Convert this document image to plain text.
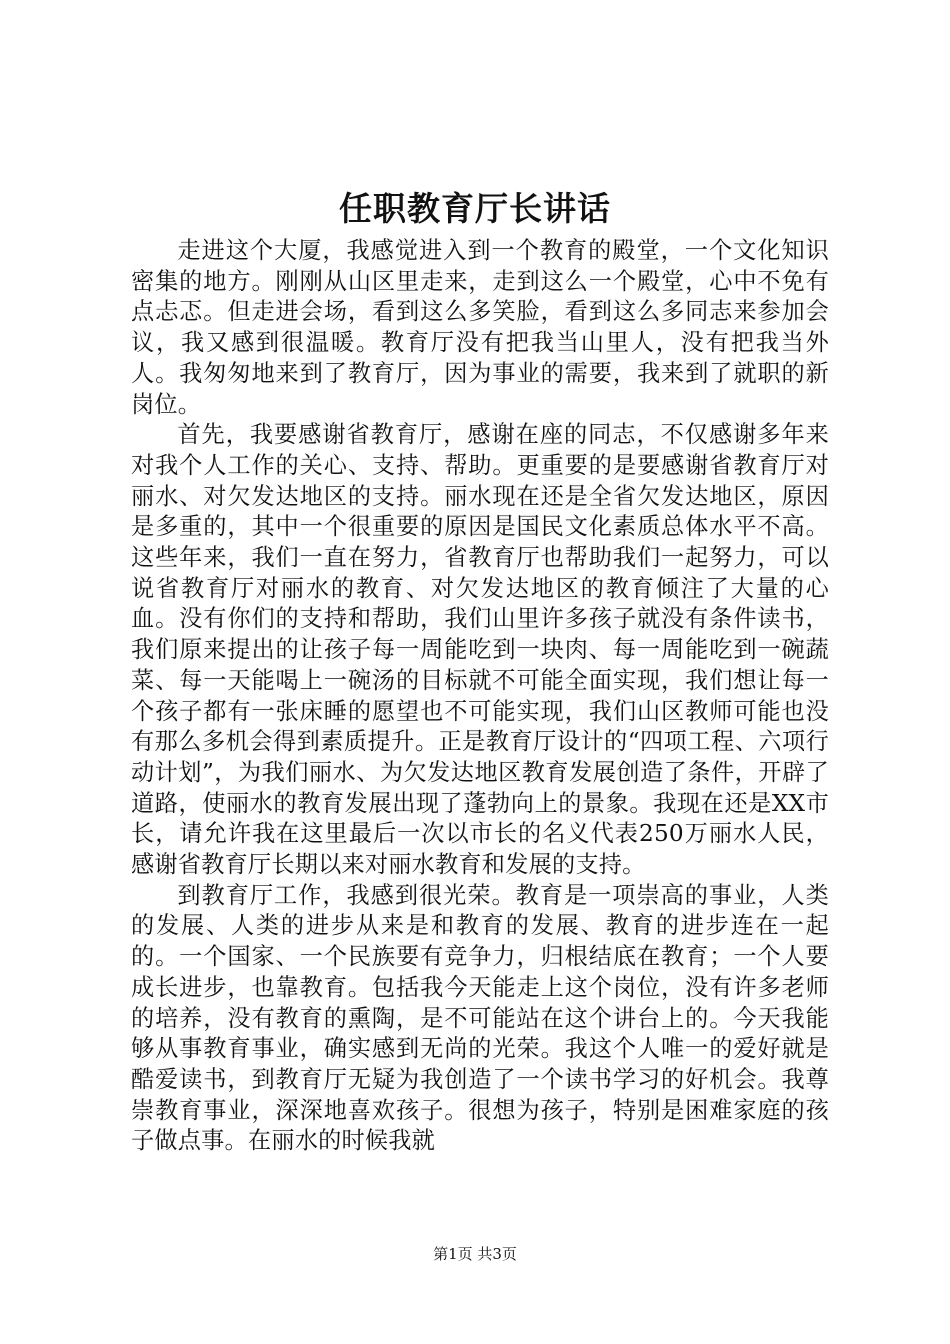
任职教育厅长讲话

走进这个大厦，我感觉进入到一个教育的殿堂，一个文化知识密集的地方。刚刚从山区里走来，走到这么一个殿堂，心中不免有点忐忑。但走进会场，看到这么多笑脸，看到这么多同志来参加会议，我又感到很温暖。教育厅没有把我当山里人，没有把我当外人。我匆匆地来到了教育厅，因为事业的需要，我来到了就职的新岗位。

首先，我要感谢省教育厅，感谢在座的同志，不仅感谢多年来对我个人工作的关心、支持、帮助。更重要的是要感谢省教育厅对丽水、对欠发达地区的支持。丽水现在还是全省欠发达地区，原因是多重的，其中一个很重要的原因是国民文化素质总体水平不高。这些年来，我们一直在努力，省教育厅也帮助我们一起努力，可以说省教育厅对丽水的教育、对欠发达地区的教育倾注了大量的心血。没有你们的支持和帮助，我们山里许多孩子就没有条件读书，我们原来提出的让孩子每一周能吃到一块肉、每一周能吃到一碗蔬菜、每一天能喝上一碗汤的目标就不可能全面实现，我们想让每一个孩子都有一张床睡的愿望也不可能实现，我们山区教师可能也没有那么多机会得到素质提升。正是教育厅设计的“四项工程、六项行动计划”，为我们丽水、为欠发达地区教育发展创造了条件，开辟了道路，使丽水的教育发展出现了蓬勃向上的景象。我现在还是XX市长，请允许我在这里最后一次以市长的名义代表250万丽水人民，感谢省教育厅长期以来对丽水教育和发展的支持。

到教育厅工作，我感到很光荣。教育是一项崇高的事业，人类的发展、人类的进步从来是和教育的发展、教育的进步连在一起的。一个国家、一个民族要有竞争力，归根结底在教育；一个人要成长进步，也靠教育。包括我今天能走上这个岗位，没有许多老师的培养，没有教育的熏陶，是不可能站在这个讲台上的。今天我能够从事教育事业，确实感到无尚的光荣。我这个人唯一的爱好就是酷爱读书，到教育厅无疑为我创造了一个读书学习的好机会。我尊崇教育事业，深深地喜欢孩子。很想为孩子，特别是困难家庭的孩子做点事。在丽水的时候我就

第1页 共3页
